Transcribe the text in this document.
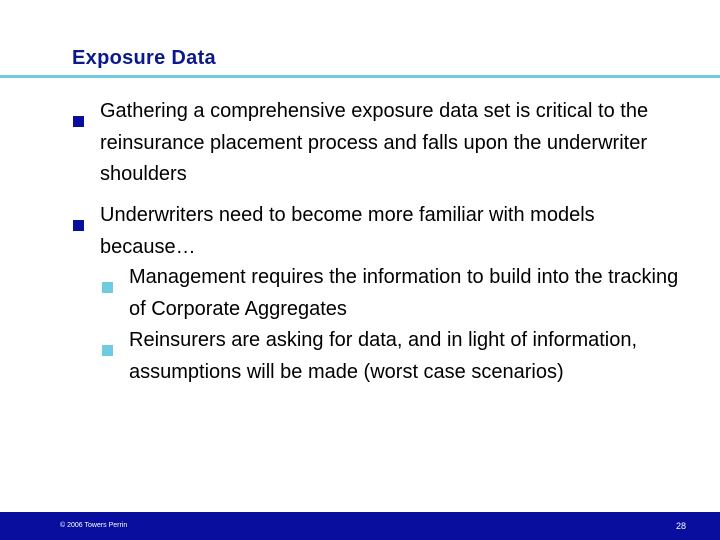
Exposure Data
Gathering a comprehensive exposure data set is critical to the reinsurance placement process and falls upon the underwriter shoulders
Underwriters need to become more familiar with models because…
Management requires the information to build into the tracking of Corporate Aggregates
Reinsurers are asking for data, and in light of information, assumptions will be made (worst case scenarios)
© 2006 Towers Perrin	28
